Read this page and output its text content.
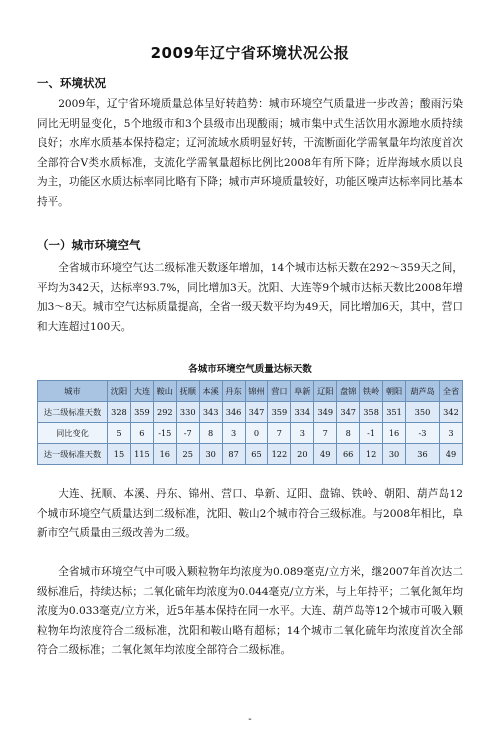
2009年辽宁省环境状况公报
一、环境状况

2009年，辽宁省环境质量总体呈好转趋势：城市环境空气质量进一步改善；酸雨污染同比无明显变化，5个地级市和3个县级市出现酸雨；城市集中式生活饮用水源地水质持续良好；水库水质基本保持稳定；辽河流域水质明显好转，干流断面化学需氧量年均浓度首次全部符合V类水质标准，支流化学需氧量超标比例比2008年有所下降；近岸海域水质以良为主，功能区水质达标率同比略有下降；城市声环境质量较好，功能区噪声达标率同比基本持平。

（一）城市环境空气

全省城市环境空气达二级标准天数逐年增加，14个城市达标天数在292～359天之间，平均为342天，达标率93.7%，同比增加3天。沈阳、大连等9个城市达标天数比2008年增加3～8天。城市空气达标质量提高，全省一级天数平均为49天，同比增加6天，其中，营口和大连超过100天。

各城市环境空气质量达标天数
城市	沈阳	大连	鞍山	抚顺	本溪	丹东	锦州	营口	阜新	辽阳	盘锦	铁岭	朝阳	葫芦岛	全省
达二级标准天数	328	359	292	330	343	346	347	359	334	349	347	358	351	350	342
同比变化	5	6	-15	-7	8	3	0	7	3	7	8	-1	16	-3	3
达一级标准天数	15	115	16	25	30	87	65	122	20	49	66	12	30	36	49

大连、抚顺、本溪、丹东、锦州、营口、阜新、辽阳、盘锦、铁岭、朝阳、葫芦岛12个城市环境空气质量达到二级标准，沈阳、鞍山2个城市符合三级标准。与2008年相比，阜新市空气质量由三级改善为二级。

全省城市环境空气中可吸入颗粒物年均浓度为0.089毫克/立方米，继2007年首次达二级标准后，持续达标；二氧化硫年均浓度为0.044毫克/立方米，与上年持平；二氧化氮年均浓度为0.033毫克/立方米，近5年基本保持在同一水平。大连、葫芦岛等12个城市可吸入颗粒物年均浓度符合二级标准，沈阳和鞍山略有超标；14个城市二氧化硫年均浓度首次全部符合二级标准；二氧化氮年均浓度全部符合二级标准。

-
